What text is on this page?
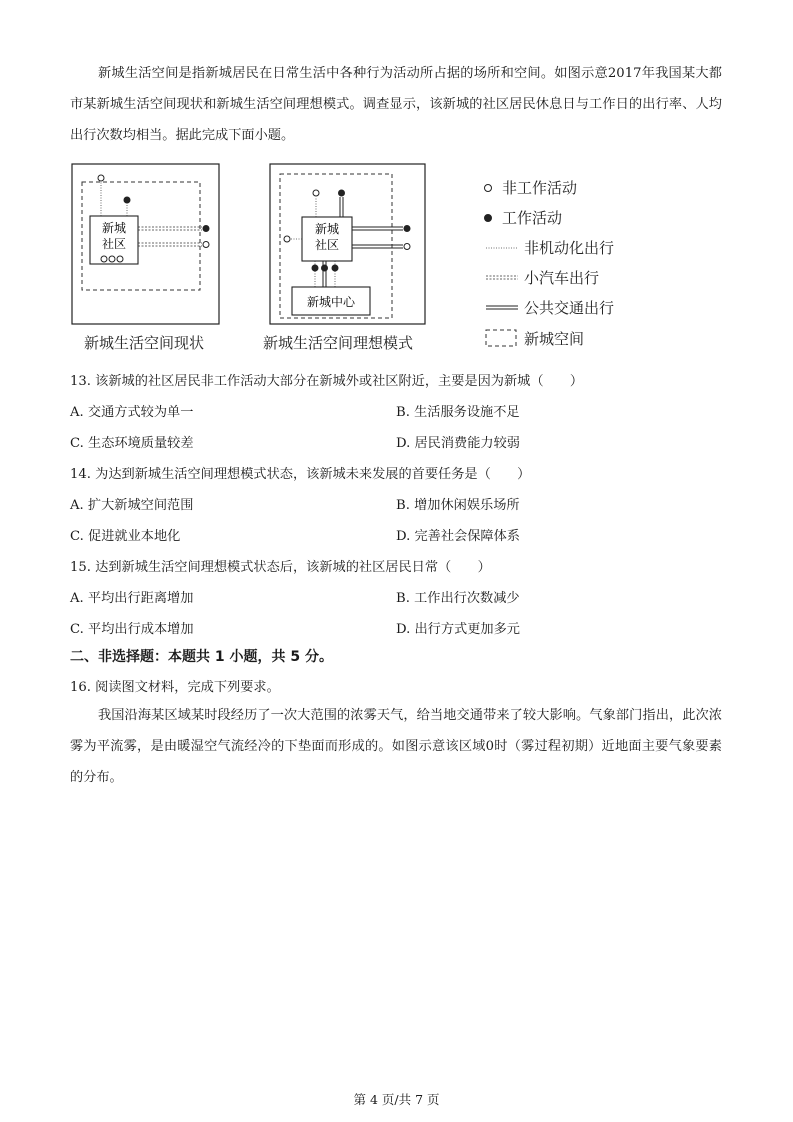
新城生活空间是指新城居民在日常生活中各种行为活动所占据的场所和空间。如图示意2017年我国某大都市某新城生活空间现状和新城生活空间理想模式。调查显示，该新城的社区居民休息日与工作日的出行率、人均出行次数均相当。据此完成下面小题。

新城
社区
新城生活空间现状
新城
社区
新城中心
新城生活空间理想模式
非工作活动
工作活动
非机动化出行
小汽车出行
公共交通出行
新城空间

13. 该新城的社区居民非工作活动大部分在新城外或社区附近，主要是因为新城（　　）

A. 交通方式较为单一	B. 生活服务设施不足

C. 生态环境质量较差	D. 居民消费能力较弱

14. 为达到新城生活空间理想模式状态，该新城未来发展的首要任务是（　　）

A. 扩大新城空间范围	B. 增加休闲娱乐场所

C. 促进就业本地化	D. 完善社会保障体系

15. 达到新城生活空间理想模式状态后，该新城的社区居民日常（　　）

A. 平均出行距离增加	B. 工作出行次数减少

C. 平均出行成本增加	D. 出行方式更加多元

二、非选择题：本题共 1 小题，共 5 分。

16. 阅读图文材料，完成下列要求。

我国沿海某区域某时段经历了一次大范围的浓雾天气，给当地交通带来了较大影响。气象部门指出，此次浓雾为平流雾，是由暖湿空气流经冷的下垫面而形成的。如图示意该区域0时（雾过程初期）近地面主要气象要素的分布。

第 4 页/共 7 页
